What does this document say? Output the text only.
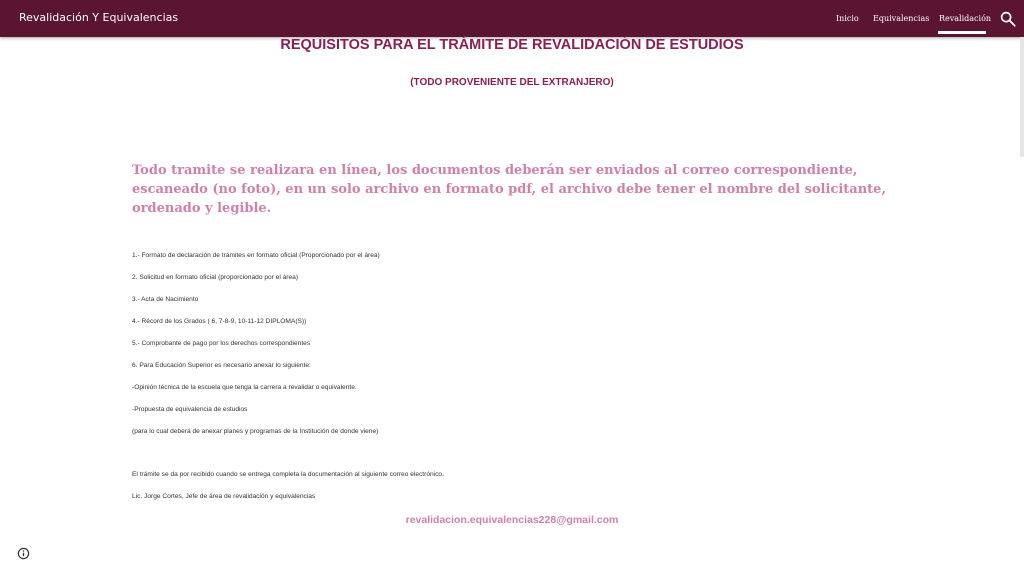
Revalidación Y Equivalencias	Inicio Equivalencias Revalidación
REQUISITOS PARA EL TRÁMITE DE REVALIDACIÓN DE ESTUDIOS
(TODO PROVENIENTE DEL EXTRANJERO)
Todo tramite se realizara en línea, los documentos deberán ser enviados al correo correspondiente, escaneado (no foto), en un solo archivo en formato pdf, el archivo debe tener el nombre del solicitante, ordenado y legible.
1.- Formato de declaración de trámites en formato oficial (Proporcionado por el área)
2. Solicitud en formato oficial (proporcionado por el área)
3.- Acta de Nacimiento
4.- Récord de los Grados ( 6, 7-8-9, 10-11-12 DIPLOMA(S))
5.- Comprobante de pago por los derechos correspondientes
6. Para Educación Superior es necesario anexar lo siguiente:
-Opinión técnica de la escuela que tenga la carrera a revalidar o equivalente.
-Propuesta de equivalencia de estudios
(para lo cual deberá de anexar planes y programas de la Institución de donde viene)
El trámite se da por recibido cuando se entrega completa la documentación al siguiente correo electrónico.
Lic. Jorge Cortes, Jefe de área de revalidación y equivalencias
revalidacion.equivalencias228@gmail.com
